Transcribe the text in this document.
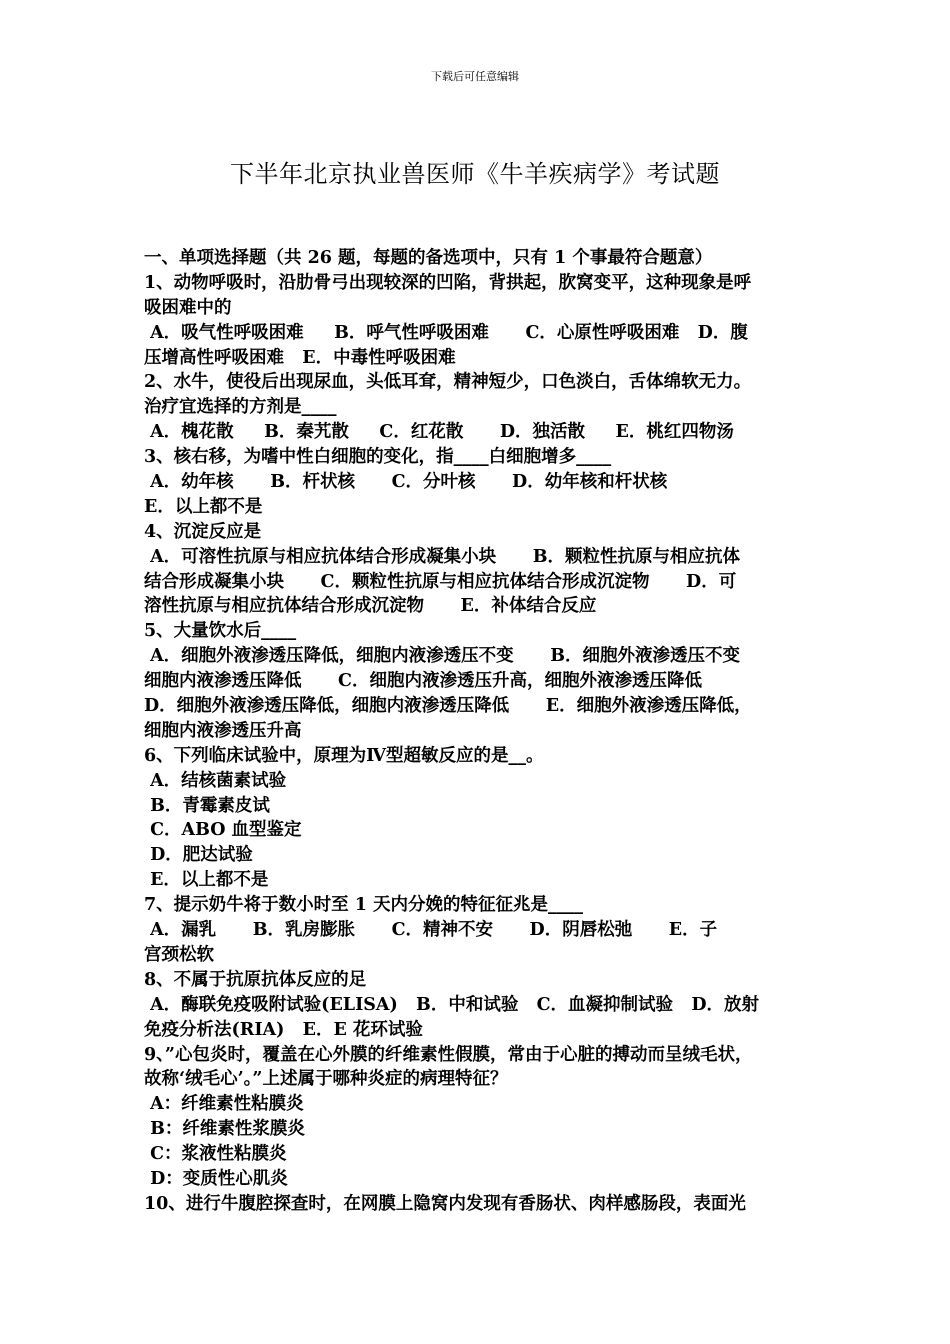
下载后可任意编辑
下半年北京执业兽医师《牛羊疾病学》考试题
一、单项选择题（共 26 题，每题的备选项中，只有 1 个事最符合题意）
1、动物呼吸时，沿肋骨弓出现较深的凹陷，背拱起，肷窝变平，这种现象是呼
吸困难中的
A．吸气性呼吸困难     B．呼气性呼吸困难      C．心原性呼吸困难   D．腹
压增高性呼吸困难   E．中毒性呼吸困难
2、水牛，使役后出现尿血，头低耳耷，精神短少，口色淡白，舌体绵软无力。
治疗宜选择的方剂是____
A．槐花散     B．秦艽散     C．红花散      D．独活散     E．桃红四物汤
3、核右移，为嗜中性白细胞的变化，指____白细胞增多____
A．幼年核      B．杆状核      C．分叶核      D．幼年核和杆状核
E．以上都不是
4、沉淀反应是
A．可溶性抗原与相应抗体结合形成凝集小块      B．颗粒性抗原与相应抗体
结合形成凝集小块      C．颗粒性抗原与相应抗体结合形成沉淀物      D．可
溶性抗原与相应抗体结合形成沉淀物      E．补体结合反应
5、大量饮水后____
A．细胞外液渗透压降低，细胞内液渗透压不变      B．细胞外液渗透压不变
细胞内液渗透压降低      C．细胞内液渗透压升高，细胞外液渗透压降低
D．细胞外液渗透压降低，细胞内液渗透压降低      E．细胞外液渗透压降低，
细胞内液渗透压升高
6、下列临床试验中，原理为Ⅳ型超敏反应的是__。
A．结核菌素试验
B．青霉素皮试
C．ABO 血型鉴定
D．肥达试验
E．以上都不是
7、提示奶牛将于数小时至 1 天内分娩的特征征兆是____
A．漏乳      B．乳房膨胀      C．精神不安      D．阴唇松弛      E．子
宫颈松软
8、不属于抗原抗体反应的足
A．酶联免疫吸附试验(ELISA)   B．中和试验   C．血凝抑制试验   D．放射
免疫分析法(RIA)   E．E 花环试验
9、”心包炎时，覆盖在心外膜的纤维素性假膜，常由于心脏的搏动而呈绒毛状，
故称‘绒毛心’。”上述属于哪种炎症的病理特征？
A：纤维素性粘膜炎
B：纤维素性浆膜炎
C：浆液性粘膜炎
D：变质性心肌炎
10、进行牛腹腔探查时，在网膜上隐窝内发现有香肠状、肉样感肠段，表面光
